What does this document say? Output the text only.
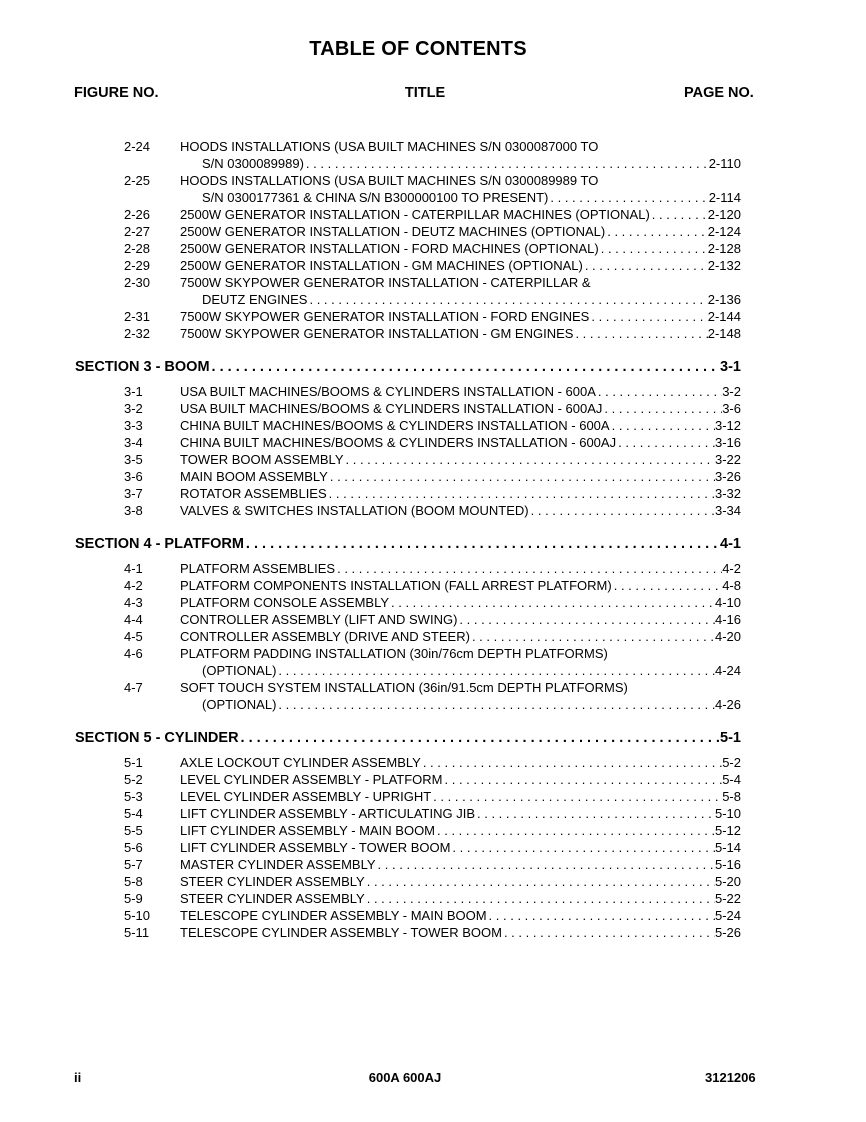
TABLE OF CONTENTS
FIGURE NO.	TITLE	PAGE NO.
2-24 HOODS INSTALLATIONS (USA BUILT MACHINES S/N 0300087000 TO
S/N 0300089989) . . .	2-110
2-25 HOODS INSTALLATIONS (USA BUILT MACHINES S/N 0300089989 TO
S/N 0300177361 & CHINA S/N B300000100 TO PRESENT) . . .	2-114
2-26 2500W GENERATOR INSTALLATION - CATERPILLAR MACHINES (OPTIONAL) . . .	2-120
2-27 2500W GENERATOR INSTALLATION - DEUTZ MACHINES (OPTIONAL) . . .	2-124
2-28 2500W GENERATOR INSTALLATION - FORD MACHINES (OPTIONAL) . . .	2-128
2-29 2500W GENERATOR INSTALLATION - GM MACHINES (OPTIONAL) . . .	2-132
2-30 7500W SKYPOWER GENERATOR INSTALLATION - CATERPILLAR &
DEUTZ ENGINES . . .	2-136
2-31 7500W SKYPOWER GENERATOR INSTALLATION - FORD ENGINES . . .	2-144
2-32 7500W SKYPOWER GENERATOR INSTALLATION - GM ENGINES . . .	2-148
SECTION 3 - BOOM . . .	3-1
3-1	USA BUILT MACHINES/BOOMS & CYLINDERS INSTALLATION - 600A . . .	3-2
3-2	USA BUILT MACHINES/BOOMS & CYLINDERS INSTALLATION - 600AJ . . .	3-6
3-3	CHINA BUILT MACHINES/BOOMS & CYLINDERS INSTALLATION - 600A . . .	3-12
3-4	CHINA BUILT MACHINES/BOOMS & CYLINDERS INSTALLATION - 600AJ . . .	3-16
3-5	TOWER BOOM ASSEMBLY . . .	3-22
3-6	MAIN BOOM ASSEMBLY . . .	3-26
3-7	ROTATOR ASSEMBLIES . . .	3-32
3-8	VALVES & SWITCHES INSTALLATION (BOOM MOUNTED) . . .	3-34
SECTION 4 - PLATFORM . . .	4-1
4-1	PLATFORM ASSEMBLIES . . .	4-2
4-2	PLATFORM COMPONENTS INSTALLATION (FALL ARREST PLATFORM) . . .	4-8
4-3	PLATFORM CONSOLE ASSEMBLY . . .	4-10
4-4	CONTROLLER ASSEMBLY (LIFT AND SWING) . . .	4-16
4-5	CONTROLLER ASSEMBLY (DRIVE AND STEER) . . .	4-20
4-6	PLATFORM PADDING INSTALLATION (30in/76cm DEPTH PLATFORMS)
(OPTIONAL) . . .	4-24
4-7	SOFT TOUCH SYSTEM INSTALLATION (36in/91.5cm DEPTH PLATFORMS)
(OPTIONAL) . . .	4-26
SECTION 5 - CYLINDER . . .	5-1
5-1	AXLE LOCKOUT CYLINDER ASSEMBLY . . .	5-2
5-2	LEVEL CYLINDER ASSEMBLY - PLATFORM . . .	5-4
5-3	LEVEL CYLINDER ASSEMBLY - UPRIGHT . . .	5-8
5-4	LIFT CYLINDER ASSEMBLY - ARTICULATING JIB . . .	5-10
5-5	LIFT CYLINDER ASSEMBLY - MAIN BOOM . . .	5-12
5-6	LIFT CYLINDER ASSEMBLY - TOWER BOOM . . .	5-14
5-7	MASTER CYLINDER ASSEMBLY . . .	5-16
5-8	STEER CYLINDER ASSEMBLY . . .	5-20
5-9	STEER CYLINDER ASSEMBLY . . .	5-22
5-10 TELESCOPE CYLINDER ASSEMBLY - MAIN BOOM . . .	5-24
5-11 TELESCOPE CYLINDER ASSEMBLY - TOWER BOOM . . .	5-26
ii	600A 600AJ	3121206
